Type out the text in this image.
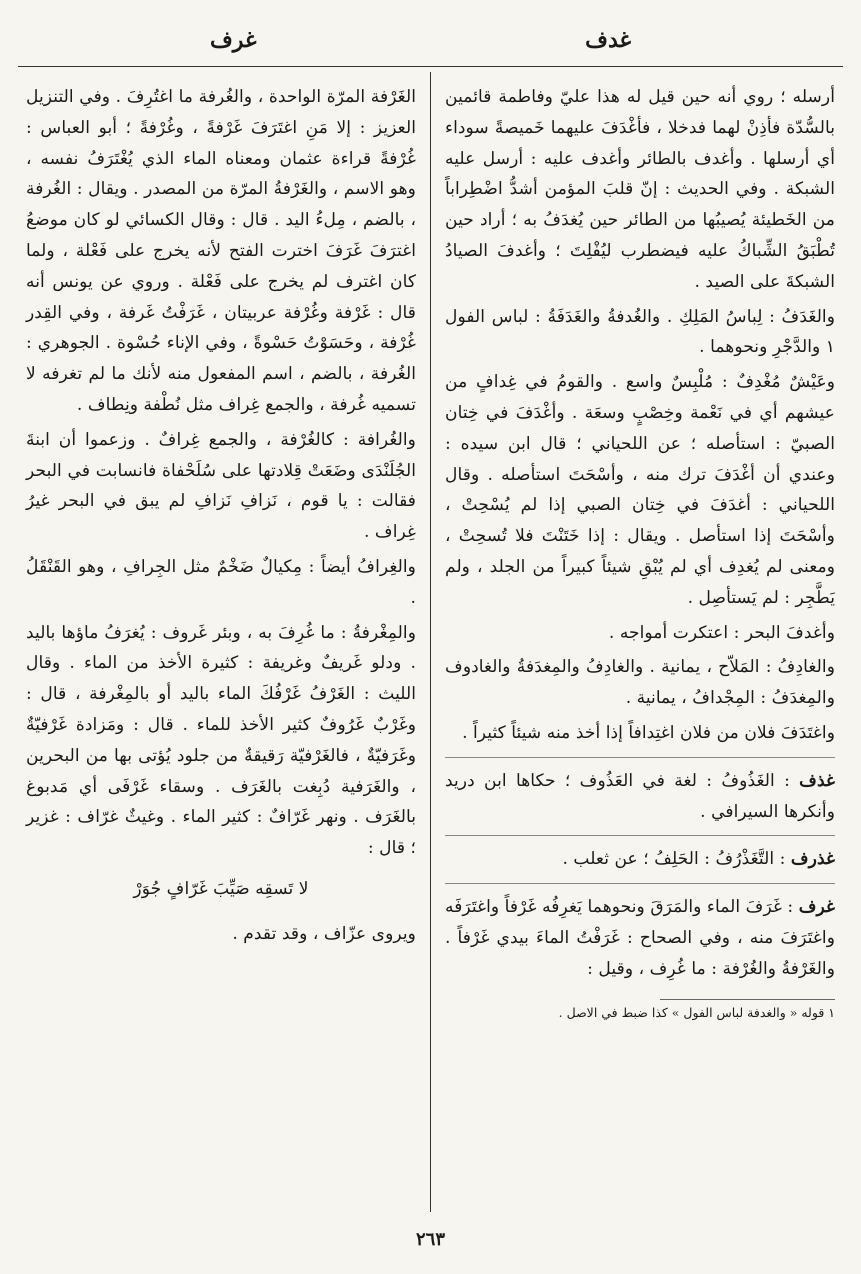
غدف
غرف

أرسله ؛ روي أنه حين قيل له هذا عليّ وفاطمة قائمين بالسُّدّة فأذِنْ لهما فدخلا ، فأغْدَفَ عليهما خَميصةً سوداء أي أرسلها . وأغدف بالطائر وأغدف عليه : أرسل عليه الشبكة . وفي الحديث : إنّ قلبَ المؤمن أشدُّ اضْطِراباً من الخَطيئة يُصيبُها من الطائر حين يُغدَفُ به ؛ أراد حين تُطْبَقُ الشِّباكُ عليه فيضطرب ليُفْلِتَ ؛ وأغدفَ الصيادُ الشبكةَ على الصيد .

والغَدَفُ : لِباسُ المَلِكِ . والغُدفةُ والغَدَفَةُ : لباس الفول ١ والدَّجْرِ ونحوهما .

وعَيْشٌ مُغْدِفٌ : مُلْبِسٌ واسع . والقومُ في غِدافٍ من عيشهم أي في نَعْمة وخِصْبٍ وسعَة . وأغْدَفَ في خِتان الصبيّ : استأصله ؛ عن اللحياني ؛ قال ابن سيده : وعندي أن أغْدَفَ ترك منه ، وأسْحَتَ استأصله . وقال اللحياني : أغدَفَ في خِتان الصبي إذا لم يُسْحِتْ ، وأسْحَتَ إذا استأصل . ويقال : إذا خَتَنْتَ فلا تُسحِتْ ، ومعنى لم يُغدِف أي لم يُبْقِ شيئاً كبيراً من الجلد ، ولم يَطَّجِر : لم يَستأصِل .

وأغدفَ البحر : اعتكرت أمواجه .

والغادِفُ : المَلاّح ، يمانية . والغادِفُ والمِغدَفةُ والغادوف والمِغدَفُ : المِجْدافُ ، يمانية .

واغتَدَفَ فلان من فلان اغتِدافاً إذا أخذ منه شيئاً كثيراً .

غذف : الغَذُوفُ : لغة في العَذُوف ؛ حكاها ابن دريد وأنكرها السيرافي .

غذرف : التَّغَذْرُفُ : الحَلِفُ ؛ عن ثعلب .

غرف : غَرَفَ الماء والمَرَقَ ونحوهما يَغرِفُه غَرْفاً واغتَرَفَه واغتَرَفَ منه ، وفي الصحاح : غَرَفْتُ الماءَ بيدي غَرْفاً . والغَرْفةُ والغُرْفة : ما غُرِف ، وقيل :

١ قوله « والغدفة لباس الفول » كذا ضبط في الاصل .

الغَرْفة المرّة الواحدة ، والغُرفة ما اغتُرِفَ . وفي التنزيل العزيز : إلا مَنِ اغتَرَفَ غَرْفةً ، وغُرْفةً ؛ أبو العباس : غُرْفةً قراءة عثمان ومعناه الماء الذي يُغْتَرَفُ نفسه ، وهو الاسم ، والغَرْفةُ المرّة من المصدر . ويقال : الغُرفة ، بالضم ، مِلءُ اليد . قال : وقال الكسائي لو كان موضعُ اغترَفَ غَرَفَ اخترت الفتح لأنه يخرج على فَعْلة ، ولما كان اغترف لم يخرج على فَعْلة . وروي عن يونس أنه قال : غَرْفة وغُرْفة عربيتان ، غَرَفْتُ غَرفة ، وفي القِدر غُرْفة ، وحَسَوْتُ حَسْوةً ، وفي الإناء حُسْوة . الجوهري : الغُرفة ، بالضم ، اسم المفعول منه لأنك ما لم تغرفه لا تسميه غُرفة ، والجمع غِراف مثل نُطْفة ونِطاف .

والغُرافة : كالغُرْفة ، والجمع غِرافٌ . وزعموا أن ابنةَ الجُلَنْدَى وضَعَتْ قِلادتها على سُلَحْفاة فانسابت في البحر فقالت : يا قوم ، نَزافِ نَزافِ لم يبق في البحر غيرُ غِراف .

والغِرافُ أيضاً : مِكيالٌ ضَخْمٌ مثل الجِرافِ ، وهو القَنْقَلُ .

والمِغْرفةُ : ما غُرِفَ به ، وبئر غَروف : يُغرَفُ ماؤها باليد . ودلو غَريفٌ وغريفة : كثيرة الأخذ من الماء . وقال الليث : الغَرْفُ غَرْفُكَ الماء باليد أو بالمِغْرفة ، قال : وغَرْبٌ غَرُوفٌ كثير الأخذ للماء . قال : ومَزادة غَرْفيّةٌ وغَرَفيّةٌ ، فالغَرْفيّة رَقيقةٌ من جلود يُؤتى بها من البحرين ، والغَرَفية دُبِغت بالغَرَف . وسقاء غَرْفَى أي مَدبوغ بالغَرَف . ونهر غَرّافٌ : كثير الماء . وغيثٌ غرّاف : غزير ؛ قال :

لا تَسقِه صَيِّبَ غَرّافٍ جُوَرْ

ويروى عزّاف ، وقد تقدم .

٢٦٣
